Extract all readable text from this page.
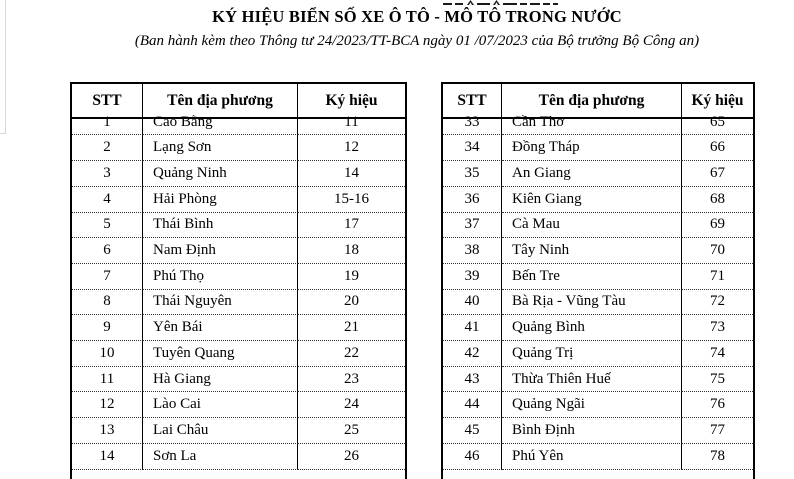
KÝ HIỆU BIỂN SỐ XE Ô TÔ - MÔ TÔ TRONG NƯỚC
(Ban hành kèm theo Thông tư 24/2023/TT-BCA ngày 01 /07/2023 của Bộ trưởng Bộ Công an)
STT	Tên địa phương	Ký hiệu
1	Cao Bằng	11
2	Lạng Sơn	12
3	Quảng Ninh	14
4	Hải Phòng	15-16
5	Thái Bình	17
6	Nam Định	18
7	Phú Thọ	19
8	Thái Nguyên	20
9	Yên Bái	21
10	Tuyên Quang	22
11	Hà Giang	23
12	Lào Cai	24
13	Lai Châu	25
14	Sơn La	26
STT	Tên địa phương	Ký hiệu
33	Cần Thơ	65
34	Đồng Tháp	66
35	An Giang	67
36	Kiên Giang	68
37	Cà Mau	69
38	Tây Ninh	70
39	Bến Tre	71
40	Bà Rịa - Vũng Tàu	72
41	Quảng Bình	73
42	Quảng Trị	74
43	Thừa Thiên Huế	75
44	Quảng Ngãi	76
45	Bình Định	77
46	Phú Yên	78
